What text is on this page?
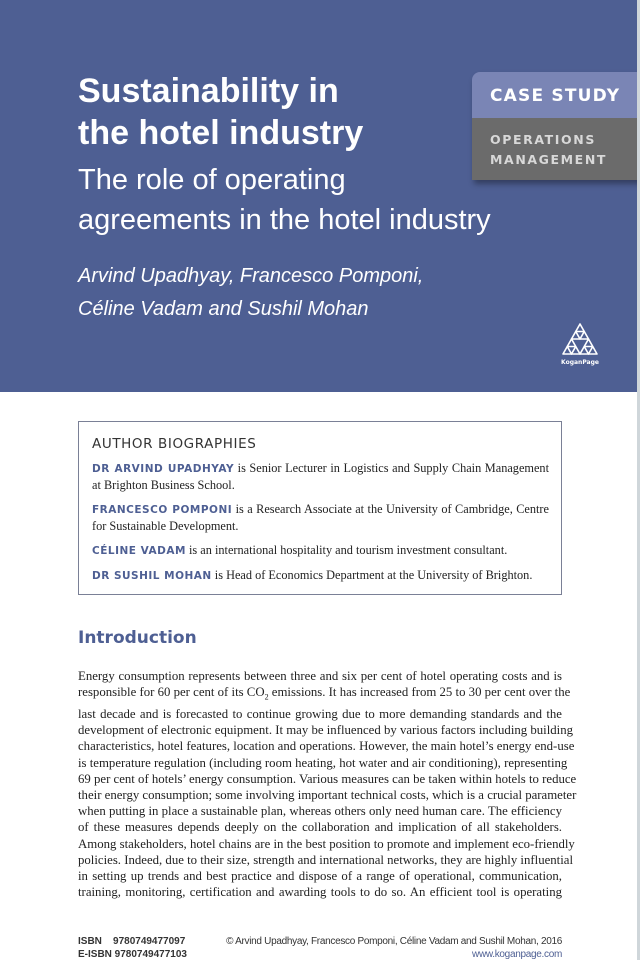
Sustainability in
the hotel industry
The role of operating
agreements in the hotel industry
Arvind Upadhyay, Francesco Pomponi,
Céline Vadam and Sushil Mohan
CASE STUDY
OPERATIONS
MANAGEMENT
KoganPage
AUTHOR BIOGRAPHIES

DR ARVIND UPADHYAY is Senior Lecturer in Logistics and Supply Chain Management at Brighton Business School.

FRANCESCO POMPONI is a Research Associate at the University of Cambridge, Centre for Sustainable Development.

CÉLINE VADAM is an international hospitality and tourism investment consultant.

DR SUSHIL MOHAN is Head of Economics Department at the University of Brighton.

Introduction
Energy consumption represents between three and six per cent of hotel operating costs and is
responsible for 60 per cent of its $CO_2$ emissions. It has increased from 25 to 30 per cent over the
last decade and is forecasted to continue growing due to more demanding standards and the
development of electronic equipment. It may be influenced by various factors including building
characteristics, hotel features, location and operations. However, the main hotel’s energy end-use
is temperature regulation (including room heating, hot water and air conditioning), representing
69 per cent of hotels’ energy consumption. Various measures can be taken within hotels to reduce
their energy consumption; some involving important technical costs, which is a crucial parameter
when putting in place a sustainable plan, whereas others only need human care. The efficiency
of these measures depends deeply on the collaboration and implication of all stakeholders.
Among stakeholders, hotel chains are in the best position to promote and implement eco-friendly
policies. Indeed, due to their size, strength and international networks, they are highly influential
in setting up trends and best practice and dispose of a range of operational, communication,
training, monitoring, certification and awarding tools to do so. An efficient tool is operating
ISBN    9780749477097
E-ISBN 9780749477103
© Arvind Upadhyay, Francesco Pomponi, Céline Vadam and Sushil Mohan, 2016
www.koganpage.com
